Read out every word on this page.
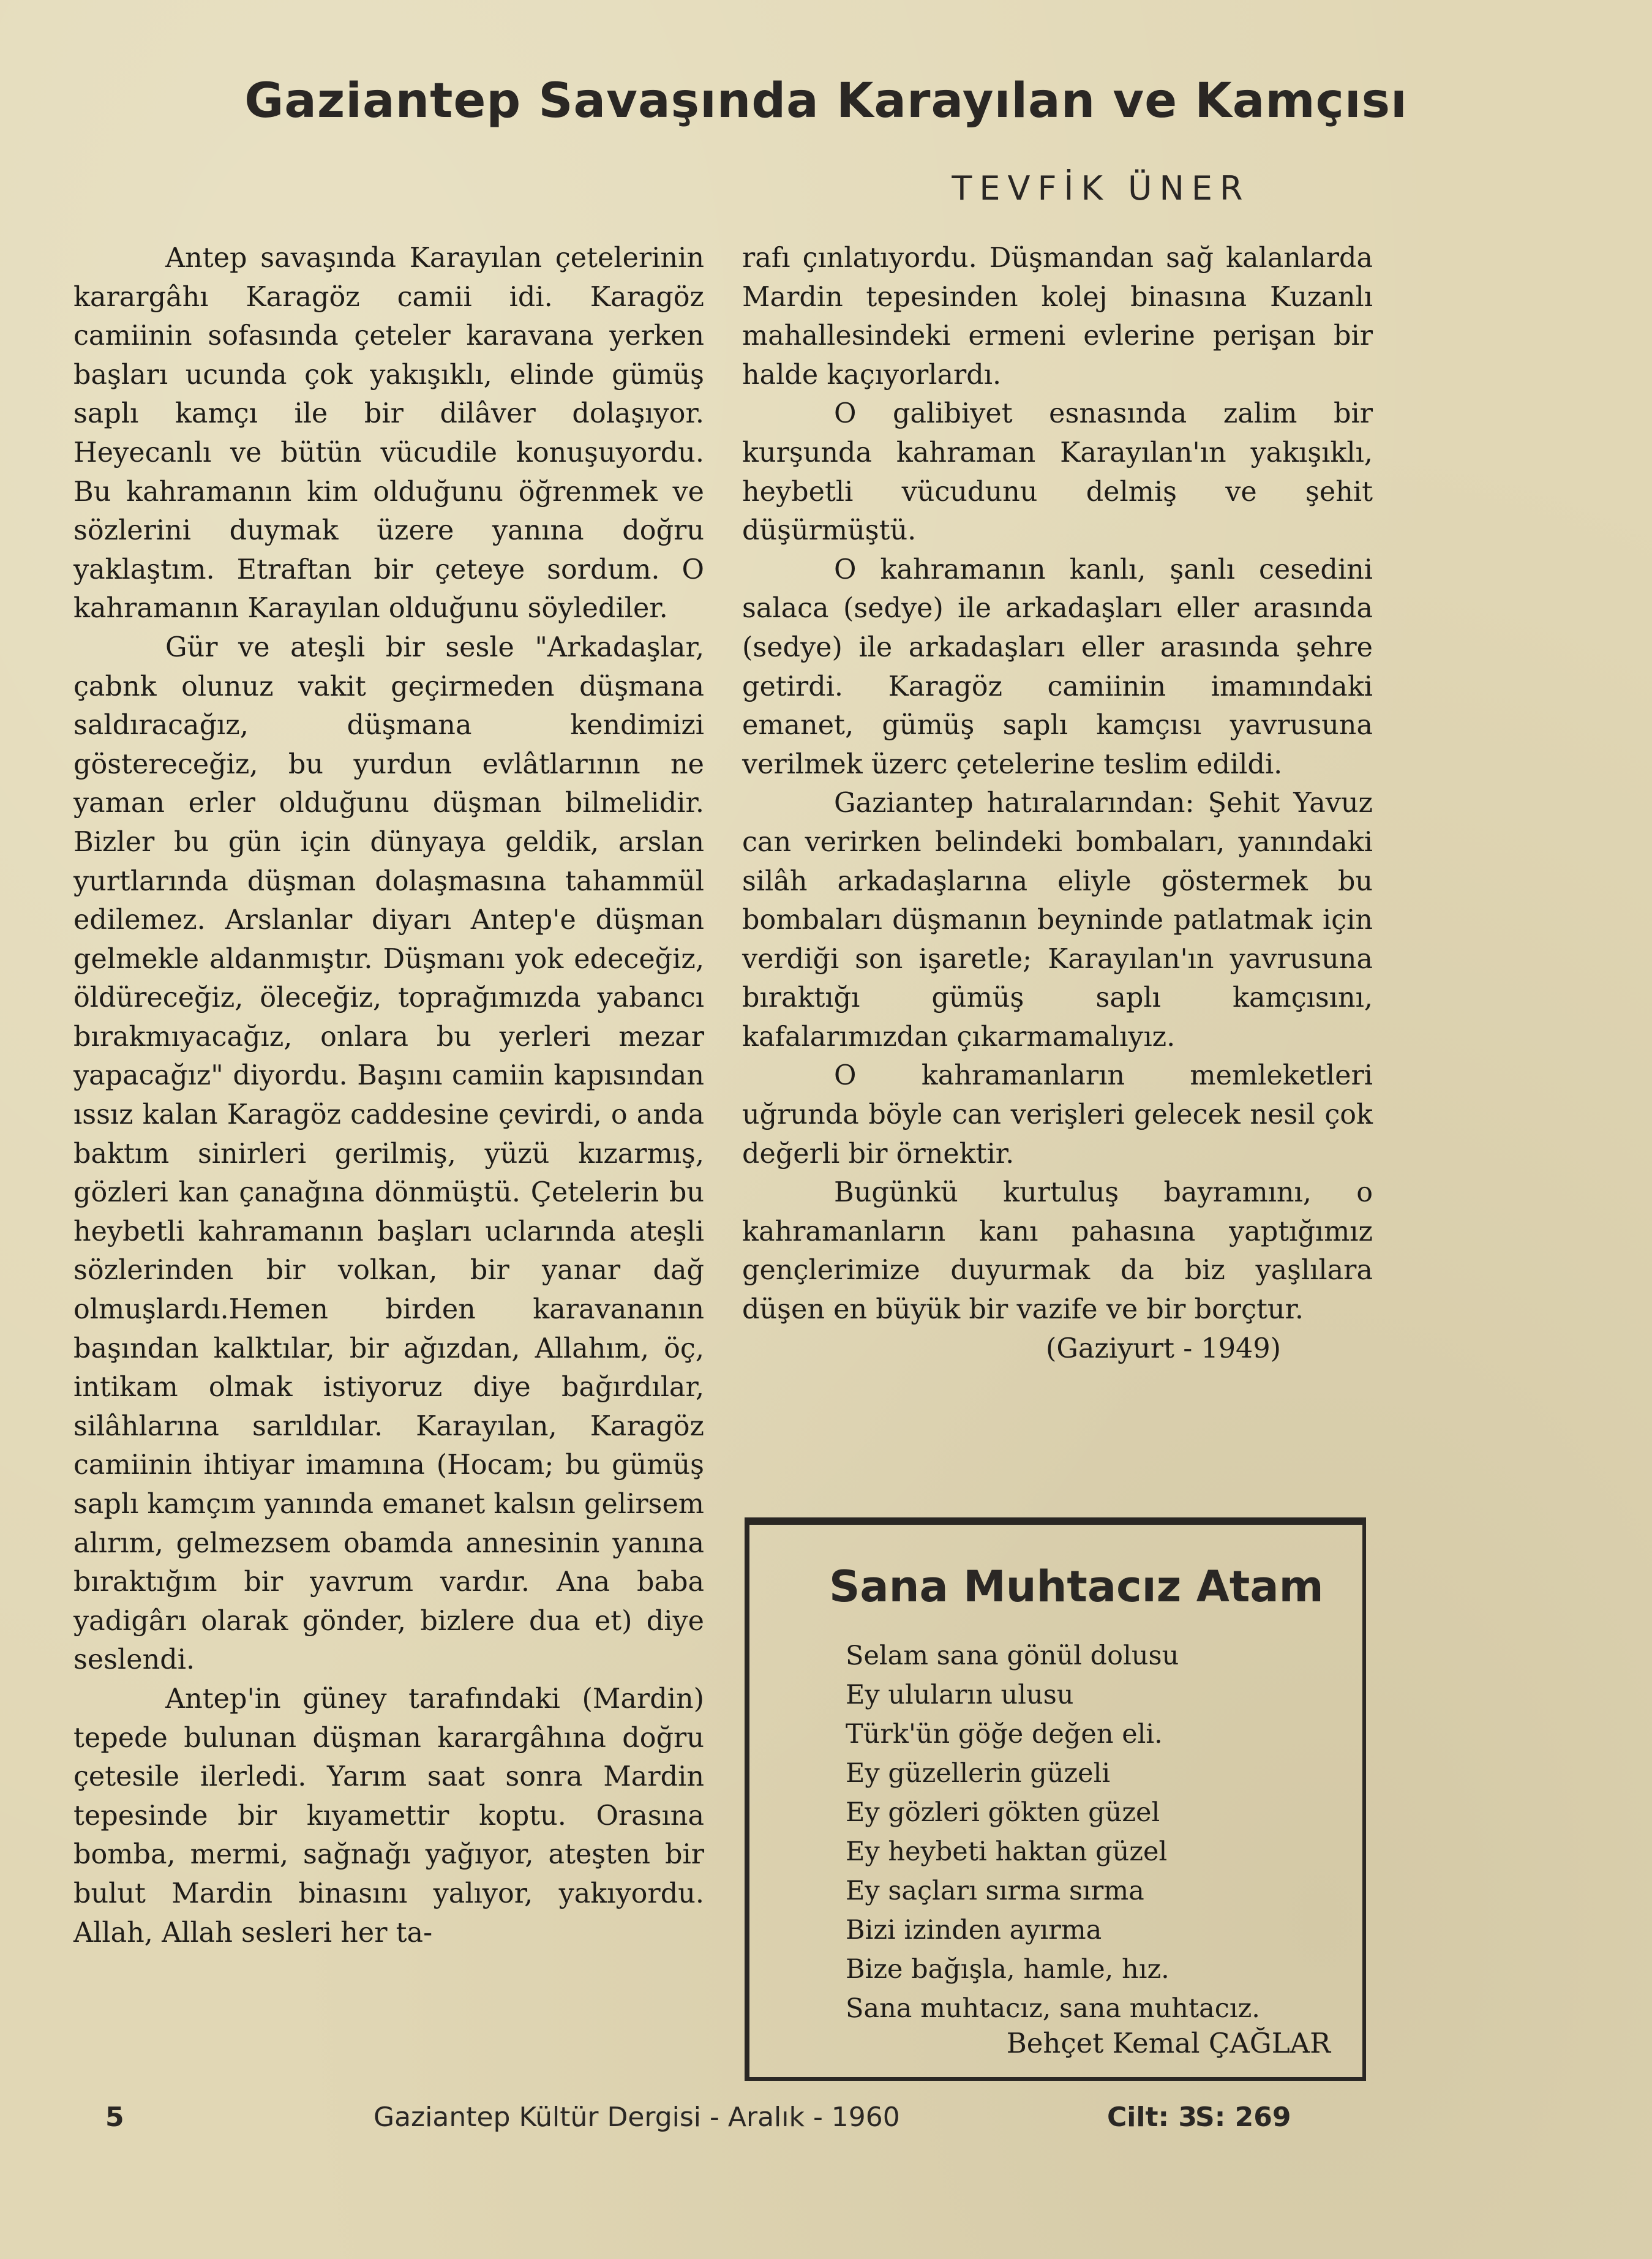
Gaziantep Savaşında Karayılan ve Kamçısı
TEVFİK ÜNER

Antep savaşında Karayılan çetelerinin karargâhı Karagöz camii idi. Karagöz camiinin sofasında çeteler karavana yerken başları ucunda çok yakışıklı, elinde gümüş saplı kamçı ile bir dilâver dolaşıyor. Heyecanlı ve bütün vücudile konuşuyordu. Bu kahramanın kim olduğunu öğrenmek ve sözlerini duymak üzere yanına doğru yaklaştım. Etraftan bir çeteye sordum. O kahramanın Karayılan olduğunu söylediler.

Gür ve ateşli bir sesle "Arkadaşlar, çabnk olunuz vakit geçirmeden düşmana saldıracağız, düşmana kendimizi göstereceğiz, bu yurdun evlâtlarının ne yaman erler olduğunu düşman bilmelidir. Bizler bu gün için dünyaya geldik, arslan yurtlarında düşman dolaşmasına tahammül edilemez. Arslanlar diyarı Antep'e düşman gelmekle aldanmıştır. Düşmanı yok edeceğiz, öldüreceğiz, öleceğiz, toprağımızda yabancı bırakmıyacağız, onlara bu yerleri mezar yapacağız" diyordu. Başını camiin kapısından ıssız kalan Karagöz caddesine çevirdi, o anda baktım sinirleri gerilmiş, yüzü kızarmış, gözleri kan çanağına dönmüştü. Çetelerin bu heybetli kahramanın başları uclarında ateşli sözlerinden bir volkan, bir yanar dağ olmuşlardı.Hemen birden karavananın başından kalktılar, bir ağızdan, Allahım, öç, intikam olmak istiyoruz diye bağırdılar, silâhlarına sarıldılar. Karayılan, Karagöz camiinin ihtiyar imamına (Hocam; bu gümüş saplı kamçım yanında emanet kalsın gelirsem alırım, gelmezsem obamda annesinin yanına bıraktığım bir yavrum vardır. Ana baba yadigârı olarak gönder, bizlere dua et) diye seslendi.

Antep'in güney tarafındaki (Mardin) tepede bulunan düşman karargâhına doğru çetesile ilerledi. Yarım saat sonra Mardin tepesinde bir kıyamettir koptu. Orasına bomba, mermi, sağnağı yağıyor, ateşten bir bulut Mardin binasını yalıyor, yakıyordu. Allah, Allah sesleri her ta-

rafı çınlatıyordu. Düşmandan sağ kalanlarda Mardin tepesinden kolej binasına Kuzanlı mahallesindeki ermeni evlerine perişan bir halde kaçıyorlardı.

O galibiyet esnasında zalim bir kurşunda kahraman Karayılan'ın yakışıklı, heybetli vücudunu delmiş ve şehit düşürmüştü.

O kahramanın kanlı, şanlı cesedini salaca (sedye) ile arkadaşları eller arasında (sedye) ile arkadaşları eller arasında şehre getirdi. Karagöz camiinin imamındaki emanet, gümüş saplı kamçısı yavrusuna verilmek üzerc çetelerine teslim edildi.

Gaziantep hatıralarından: Şehit Yavuz can verirken belindeki bombaları, yanındaki silâh arkadaşlarına eliyle göstermek bu bombaları düşmanın beyninde patlatmak için verdiği son işaretle; Karayılan'ın yavrusuna bıraktığı gümüş saplı kamçısını, kafalarımızdan çıkarmamalıyız.

O kahramanların memleketleri uğrunda böyle can verişleri gelecek nesil çok değerli bir örnektir.

Bugünkü kurtuluş bayramını, o kahramanların kanı pahasına yaptığımız gençlerimize duyurmak da biz yaşlılara düşen en büyük bir vazife ve bir borçtur.

(Gaziyurt - 1949)

Sana Muhtacız Atam
Selam sana gönül dolusu
Ey uluların ulusu
Türk'ün göğe değen eli.
Ey güzellerin güzeli
Ey gözleri gökten güzel
Ey heybeti haktan güzel
Ey saçları sırma sırma
Bizi izinden ayırma
Bize bağışla, hamle, hız.
Sana muhtacız, sana muhtacız.
Behçet Kemal ÇAĞLAR
5	Gaziantep Kültür Dergisi - Aralık - 1960	Cilt: 3
S: 269
